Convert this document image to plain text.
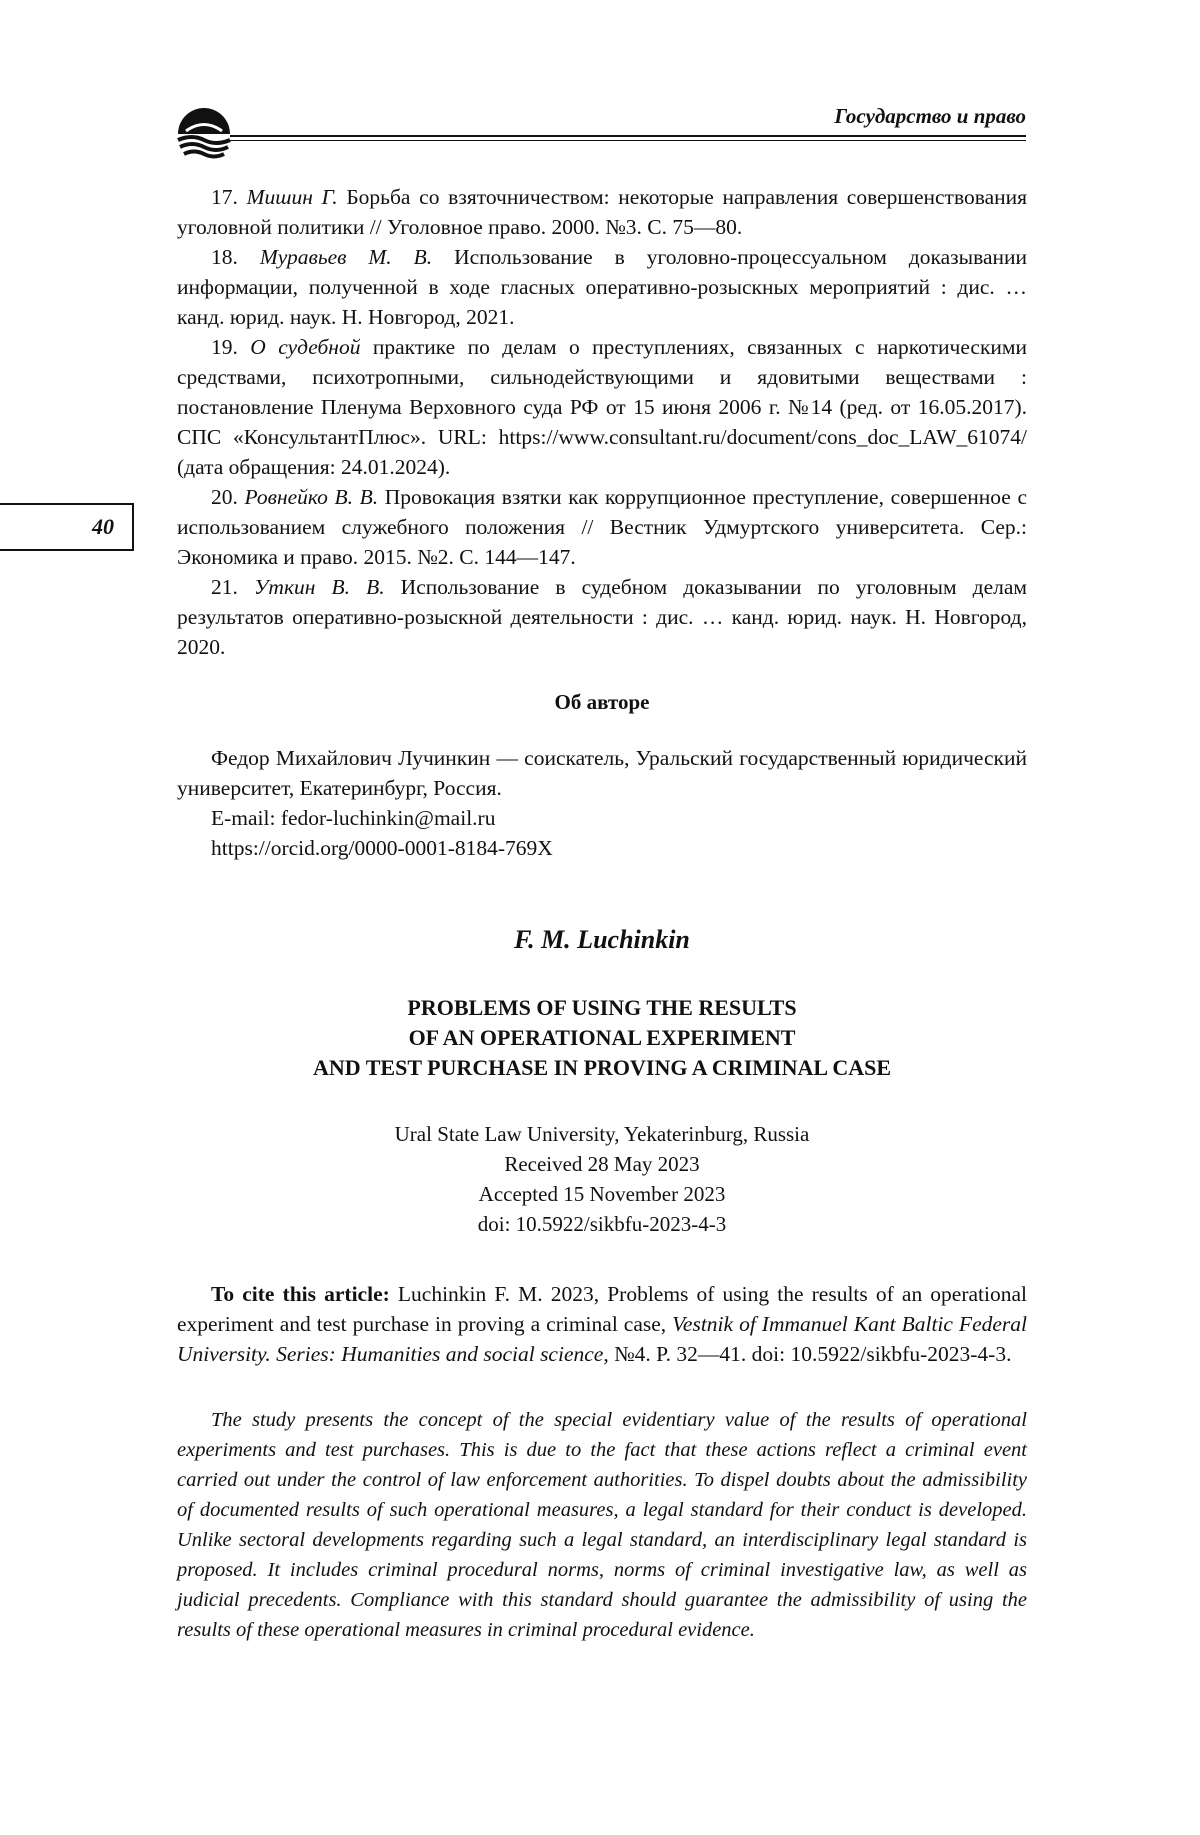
Государство и право
40

17. Мишин Г. Борьба со взяточничеством: некоторые направления совершенствования уголовной политики // Уголовное право. 2000. №3. С. 75—80.

18. Муравьев М. В. Использование в уголовно-процессуальном доказывании информации, полученной в ходе гласных оперативно-розыскных мероприятий : дис. … канд. юрид. наук. Н. Новгород, 2021.

19. О судебной практике по делам о преступлениях, связанных с наркотическими средствами, психотропными, сильнодействующими и ядовитыми веществами : постановление Пленума Верховного суда РФ от 15 июня 2006 г. №14 (ред. от 16.05.2017). СПС «КонсультантПлюс». URL: https://www.consultant.ru/document/cons_doc_LAW_61074/ (дата обращения: 24.01.2024).

20. Ровнейко В. В. Провокация взятки как коррупционное преступление, совершенное с использованием служебного положения // Вестник Удмуртского университета. Сер.: Экономика и право. 2015. №2. С. 144—147.

21. Уткин В. В. Использование в судебном доказывании по уголовным делам результатов оперативно-розыскной деятельности : дис. … канд. юрид. наук. Н. Новгород, 2020.

Об авторе

Федор Михайлович Лучинкин — соискатель, Уральский государственный юридический университет, Екатеринбург, Россия.

E-mail: fedor-luchinkin@mail.ru

https://orcid.org/0000-0001-8184-769X

F. M. Luchinkin

PROBLEMS OF USING THE RESULTS

OF AN OPERATIONAL EXPERIMENT

AND TEST PURCHASE IN PROVING A CRIMINAL CASE

Ural State Law University, Yekaterinburg, Russia

Received 28 May 2023

Accepted 15 November 2023

doi: 10.5922/sikbfu-2023-4-3

To cite this article: Luchinkin F. M. 2023, Problems of using the results of an operational experiment and test purchase in proving a criminal case, Vestnik of Immanuel Kant Baltic Federal University. Series: Humanities and social science, №4. P. 32—41. doi: 10.5922/sikbfu-2023-4-3.

The study presents the concept of the special evidentiary value of the results of operational experiments and test purchases. This is due to the fact that these actions reflect a criminal event carried out under the control of law enforcement authorities. To dispel doubts about the admissibility of documented results of such operational measures, a legal standard for their conduct is developed. Unlike sectoral developments regarding such a legal standard, an interdisciplinary legal standard is proposed. It includes criminal procedural norms, norms of criminal investigative law, as well as judicial precedents. Compliance with this standard should guarantee the admissibility of using the results of these operational measures in criminal procedural evidence.
